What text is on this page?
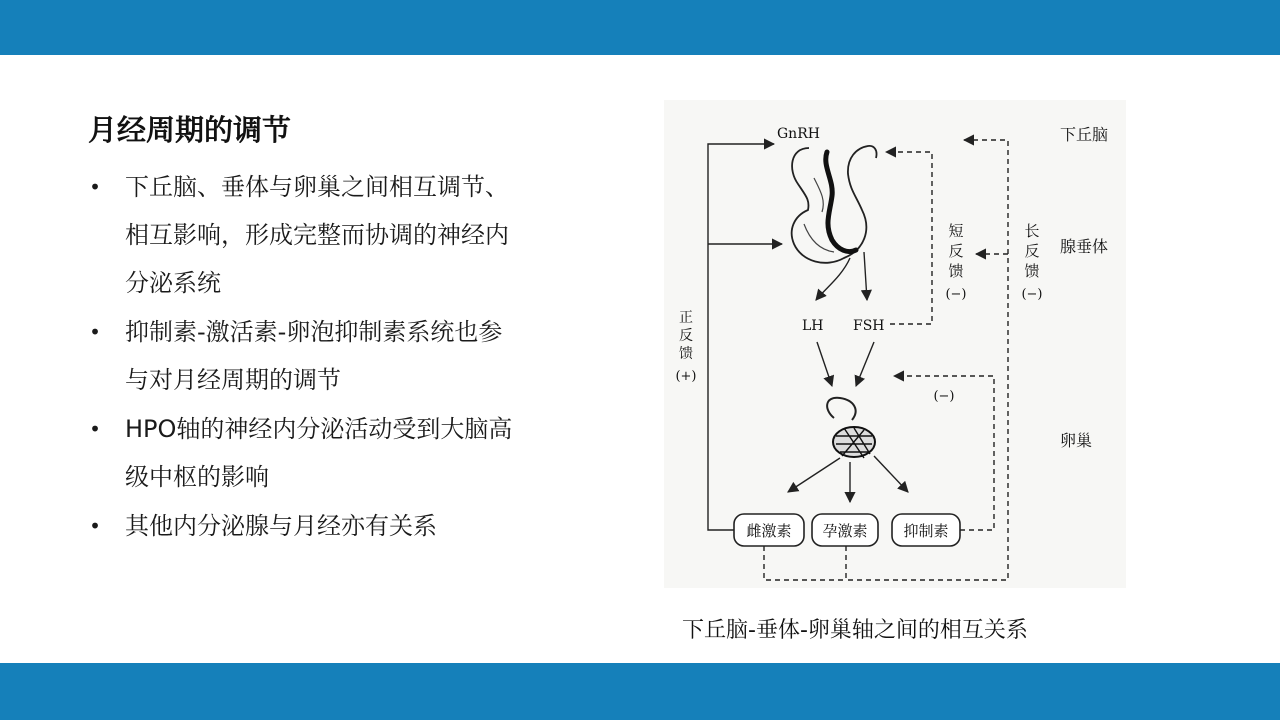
月经周期的调节
• 下丘脑、垂体与卵巢之间相互调节、
相互影响，形成完整而协调的神经内
分泌系统
• 抑制素-激活素-卵泡抑制素系统也参
与对月经周期的调节
• HPO轴的神经内分泌活动受到大脑高
级中枢的影响
• 其他内分泌腺与月经亦有关系
GnRH
LH FSH
雌激素 孕激素 抑制素
正
反
馈
(+)
短
反
馈
(−)
长
反
馈
(−)
(−)
下丘脑
腺垂体
卵巢
下丘脑-垂体-卵巢轴之间的相互关系
